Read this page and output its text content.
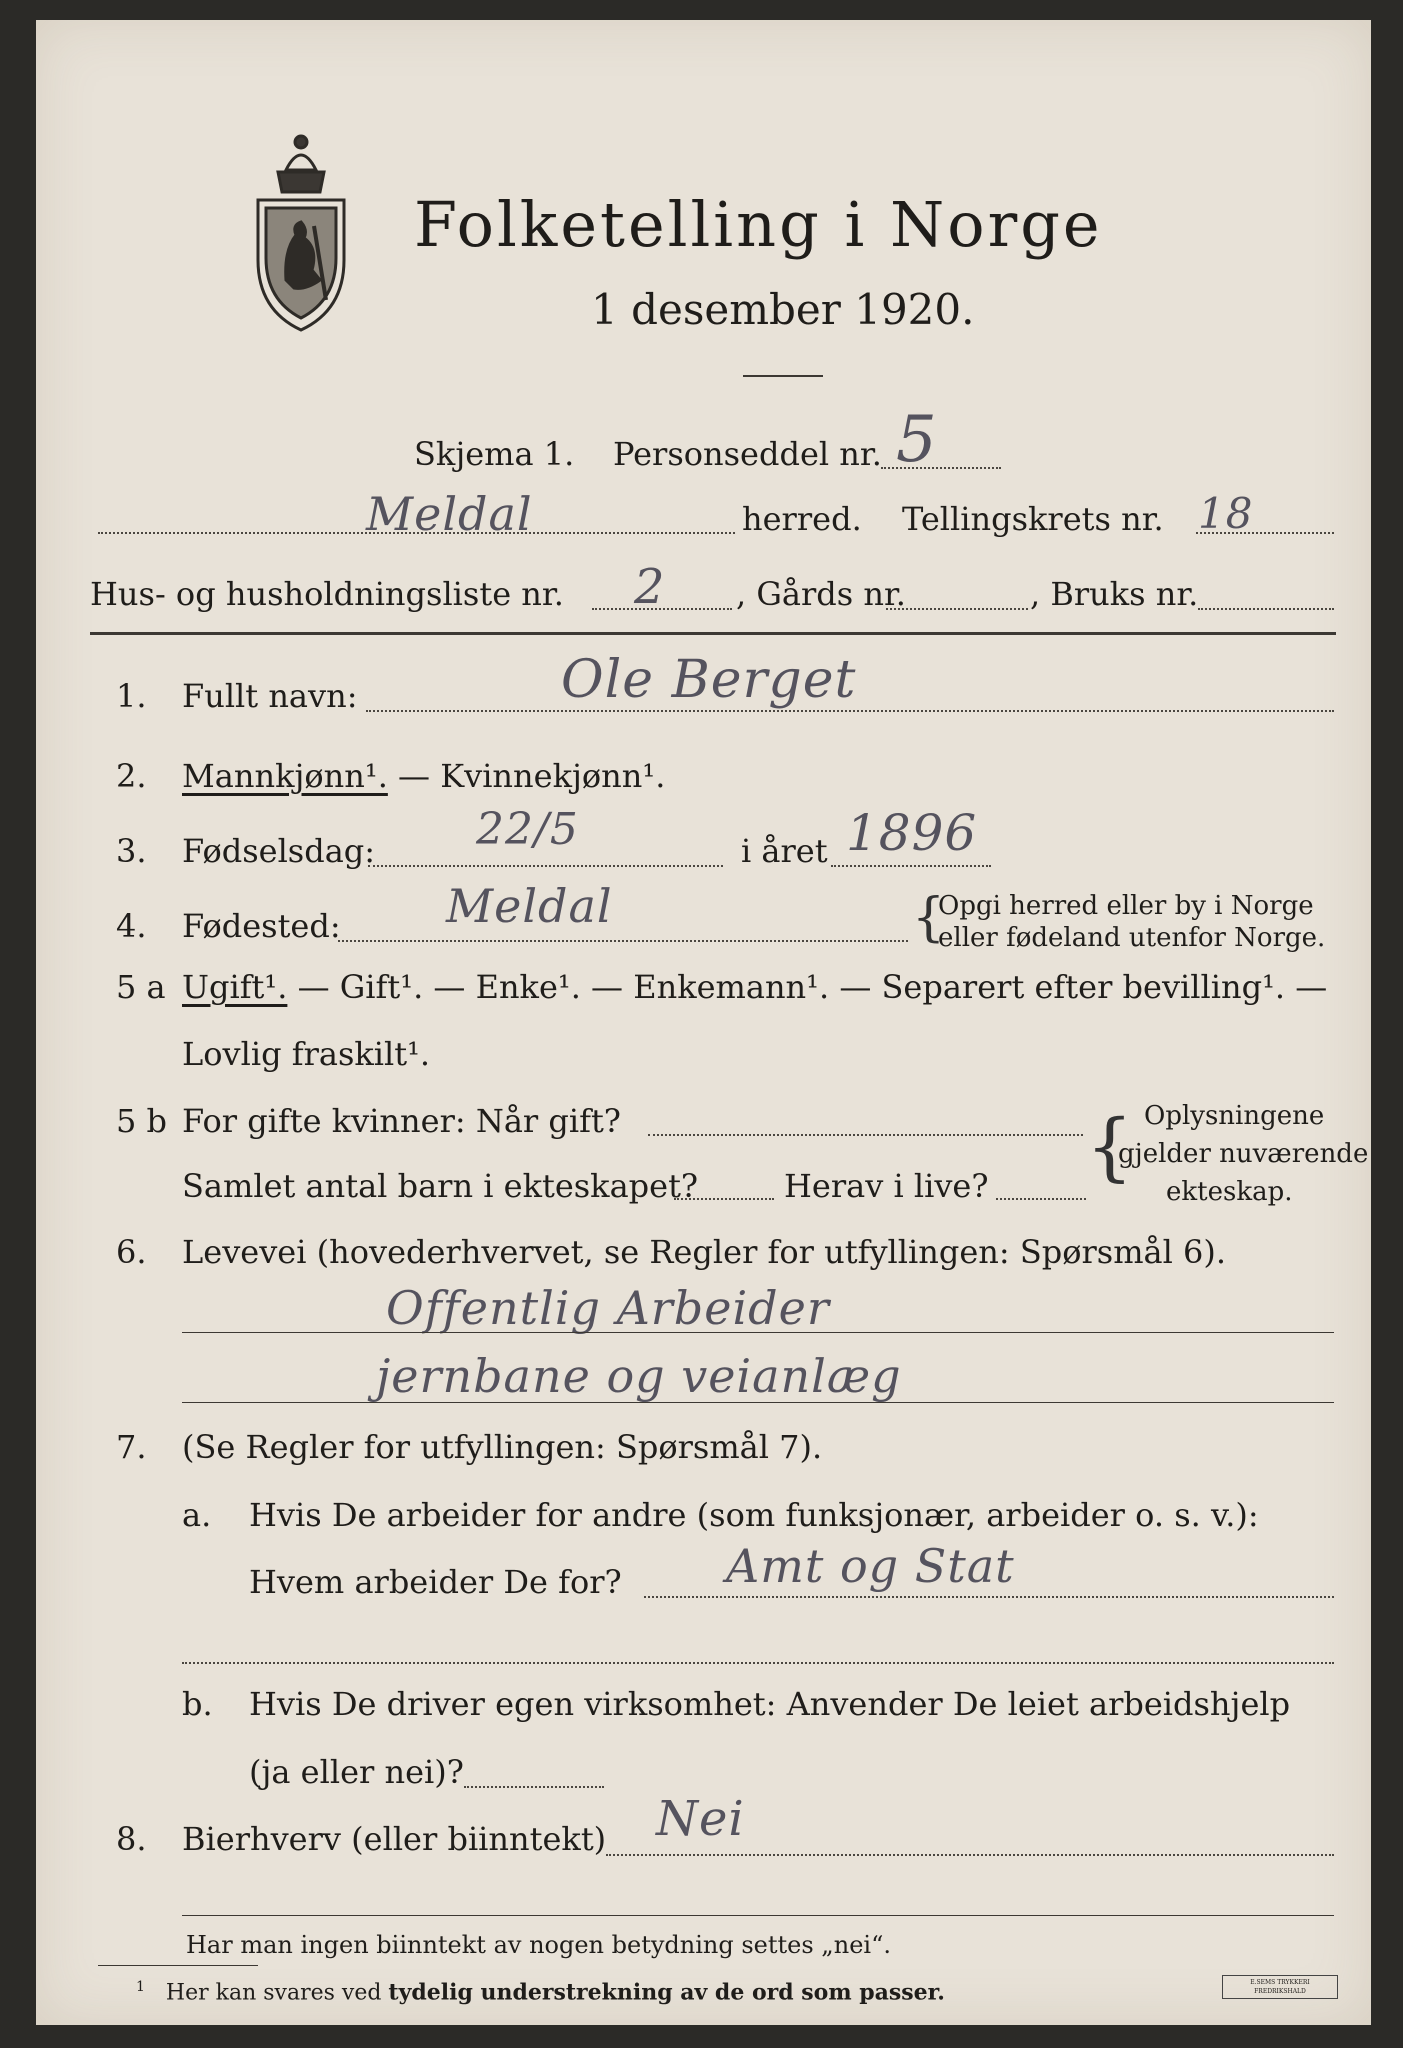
Folketelling i Norge
1 desember 1920.
Skjema 1. Personseddel nr. 5
Meldal	herred. Tellingskrets nr. 18
Hus- og husholdningsliste nr. 2 , Gårds nr.	, Bruks nr.
1. Fullt navn:	Ole Berget
2. Mannkjønn¹. — Kvinnekjønn¹.
3. Fødselsdag: 22/5	i året 1896
4. Fødested: Meldal	{
Opgi herred eller by i Norge
eller fødeland utenfor Norge.
5 a Ugift¹. — Gift¹. — Enke¹. — Enkemann¹. — Separert efter bevilling¹. —
Lovlig fraskilt¹.
5 b For gifte kvinner: Når gift?
Samlet antal barn i ekteskapet?	Herav i live? { Oplysningene
gjelder nuværende
ekteskap.
6. Levevei (hovederhvervet, se Regler for utfyllingen: Spørsmål 6).
Offentlig Arbeider
jernbane og veianlæg
7. (Se Regler for utfyllingen: Spørsmål 7).
a. Hvis De arbeider for andre (som funksjonær, arbeider o. s. v.):
Hvem arbeider De for? Amt og Stat
b. Hvis De driver egen virksomhet: Anvender De leiet arbeidshjelp
(ja eller nei)?
8. Bierhverv (eller biinntekt) Nei
Har man ingen biinntekt av nogen betydning settes „nei“.
$^1$ Her kan svares ved tydelig understrekning av de ord som passer.	E.SEMS TRYKKERI FREDRIKSHALD
